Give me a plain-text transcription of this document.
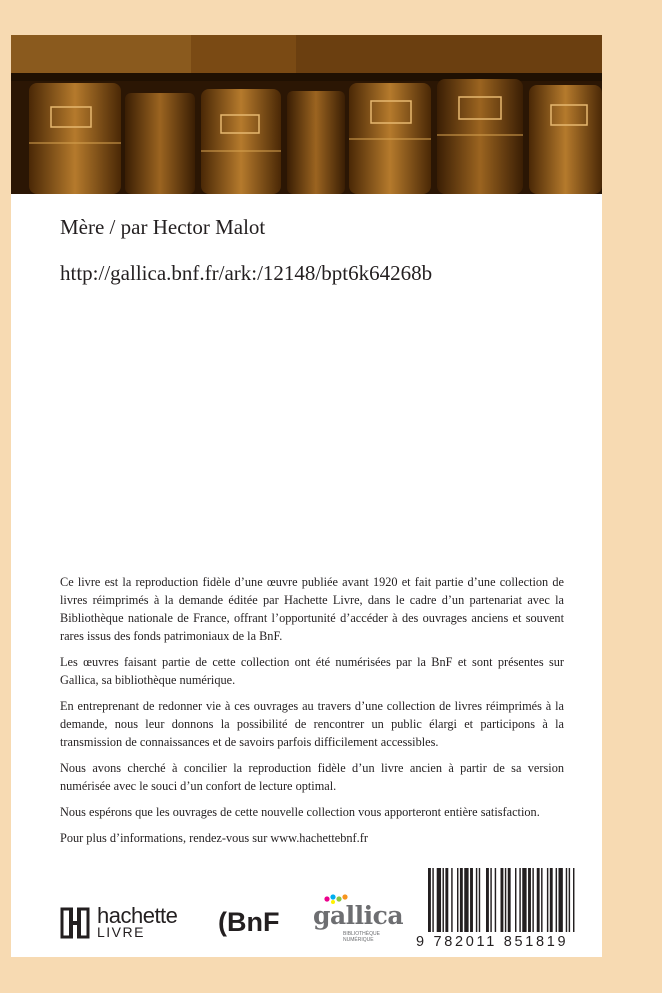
Mère / par Hector Malot
http://gallica.bnf.fr/ark:/12148/bpt6k64268b

Ce livre est la reproduction fidèle d’une œuvre publiée avant 1920 et fait partie d’une collection de livres réimprimés à la demande éditée par Hachette Livre, dans le cadre d’un partenariat avec la Bibliothèque nationale de France, offrant l’opportunité d’accéder à des ouvrages anciens et souvent rares issus des fonds patrimoniaux de la BnF.

Les œuvres faisant partie de cette collection ont été numérisées par la BnF et sont présentes sur Gallica, sa bibliothèque numérique.

En entreprenant de redonner vie à ces ouvrages au travers d’une collection de livres réimprimés à la demande, nous leur donnons la possibilité de rencontrer un public élargi et participons à la transmission de connaissances et de savoirs parfois difficilement accessibles.

Nous avons cherché à concilier la reproduction fidèle d’un livre ancien à partir de sa version numérisée avec le souci d’un confort de lecture optimal.

Nous espérons que les ouvrages de cette nouvelle collection vous apporteront entière satisfaction.

Pour plus d’informations, rendez-vous sur www.hachettebnf.fr

hachette
LIVRE	(BnF gallica
BIBLIOTHÈQUE
NUMÉRIQUE	9 782011 851819
